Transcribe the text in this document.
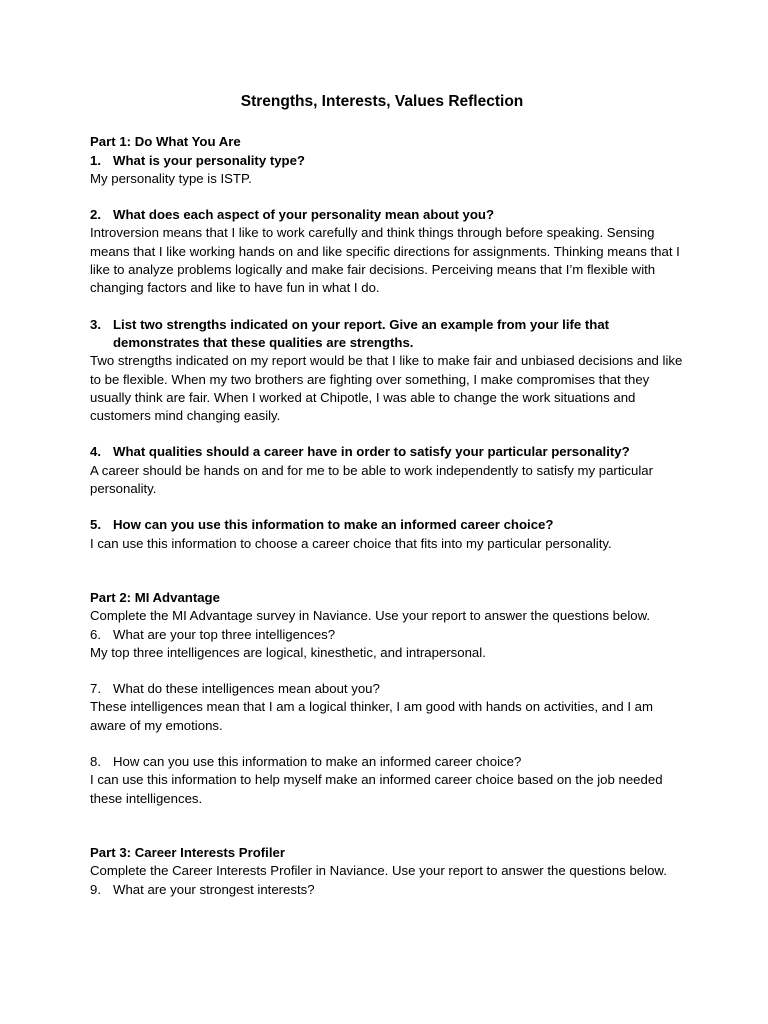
Strengths, Interests, Values Reflection

Part 1: Do What You Are

1. What is your personality type?

My personality type is ISTP.

2. What does each aspect of your personality mean about you?

Introversion means that I like to work carefully and think things through before speaking. Sensing means that I like working hands on and like specific directions for assignments. Thinking means that I like to analyze problems logically and make fair decisions. Perceiving means that I’m flexible with changing factors and like to have fun in what I do.

3. List two strengths indicated on your report. Give an example from your life that demonstrates that these qualities are strengths.

Two strengths indicated on my report would be that I like to make fair and unbiased decisions and like to be flexible. When my two brothers are fighting over something, I make compromises that they usually think are fair. When I worked at Chipotle, I was able to change the work situations and customers mind changing easily.

4. What qualities should a career have in order to satisfy your particular personality?

A career should be hands on and for me to be able to work independently to satisfy my particular personality.

5. How can you use this information to make an informed career choice?

I can use this information to choose a career choice that fits into my particular personality.

Part 2: MI Advantage

Complete the MI Advantage survey in Naviance. Use your report to answer the questions below.

6. What are your top three intelligences?

My top three intelligences are logical, kinesthetic, and intrapersonal.

7. What do these intelligences mean about you?

These intelligences mean that I am a logical thinker, I am good with hands on activities, and I am aware of my emotions.

8. How can you use this information to make an informed career choice?

I can use this information to help myself make an informed career choice based on the job needed these intelligences.

Part 3: Career Interests Profiler

Complete the Career Interests Profiler in Naviance. Use your report to answer the questions below.

9. What are your strongest interests?
